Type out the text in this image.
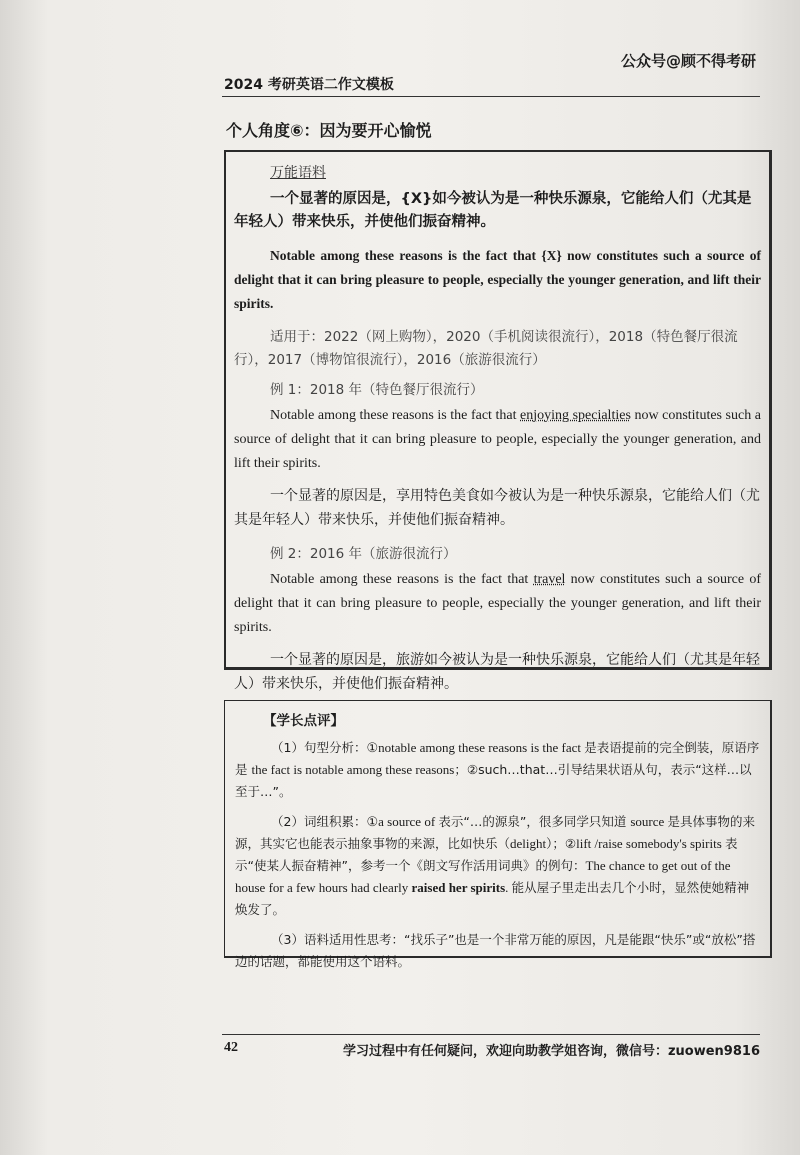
公众号@顾不得考研
2024 考研英语二作文模板
个人角度⑥：因为要开心愉悦
万能语料

一个显著的原因是，{X}如今被认为是一种快乐源泉，它能给人们（尤其是年轻人）带来快乐，并使他们振奋精神。

Notable among these reasons is the fact that {X} now constitutes such a source of delight that it can bring pleasure to people, especially the younger generation, and lift their spirits.

适用于：2022（网上购物），2020（手机阅读很流行），2018（特色餐厅很流行），2017（博物馆很流行），2016（旅游很流行）

例 1：2018 年（特色餐厅很流行）

Notable among these reasons is the fact that enjoying specialties now constitutes such a source of delight that it can bring pleasure to people, especially the younger generation, and lift their spirits.

一个显著的原因是，享用特色美食如今被认为是一种快乐源泉，它能给人们（尤其是年轻人）带来快乐，并使他们振奋精神。

例 2：2016 年（旅游很流行）

Notable among these reasons is the fact that travel now constitutes such a source of delight that it can bring pleasure to people, especially the younger generation, and lift their spirits.

一个显著的原因是，旅游如今被认为是一种快乐源泉，它能给人们（尤其是年轻人）带来快乐，并使他们振奋精神。

【学长点评】

（1）句型分析：①notable among these reasons is the fact 是表语提前的完全倒装，原语序是 the fact is notable among these reasons；②such…that…引导结果状语从句，表示“这样…以至于…”。

（2）词组积累：①a source of 表示“…的源泉”，很多同学只知道 source 是具体事物的来源，其实它也能表示抽象事物的来源，比如快乐（delight）；②lift /raise somebody's spirits 表示“使某人振奋精神”，参考一个《朗文写作活用词典》的例句：The chance to get out of the house for a few hours had clearly raised her spirits. 能从屋子里走出去几个小时，显然使她精神焕发了。

（3）语料适用性思考：“找乐子”也是一个非常万能的原因，凡是能跟“快乐”或“放松”搭边的话题，都能使用这个语料。

42	学习过程中有任何疑问，欢迎向助教学姐咨询，微信号：zuowen9816
